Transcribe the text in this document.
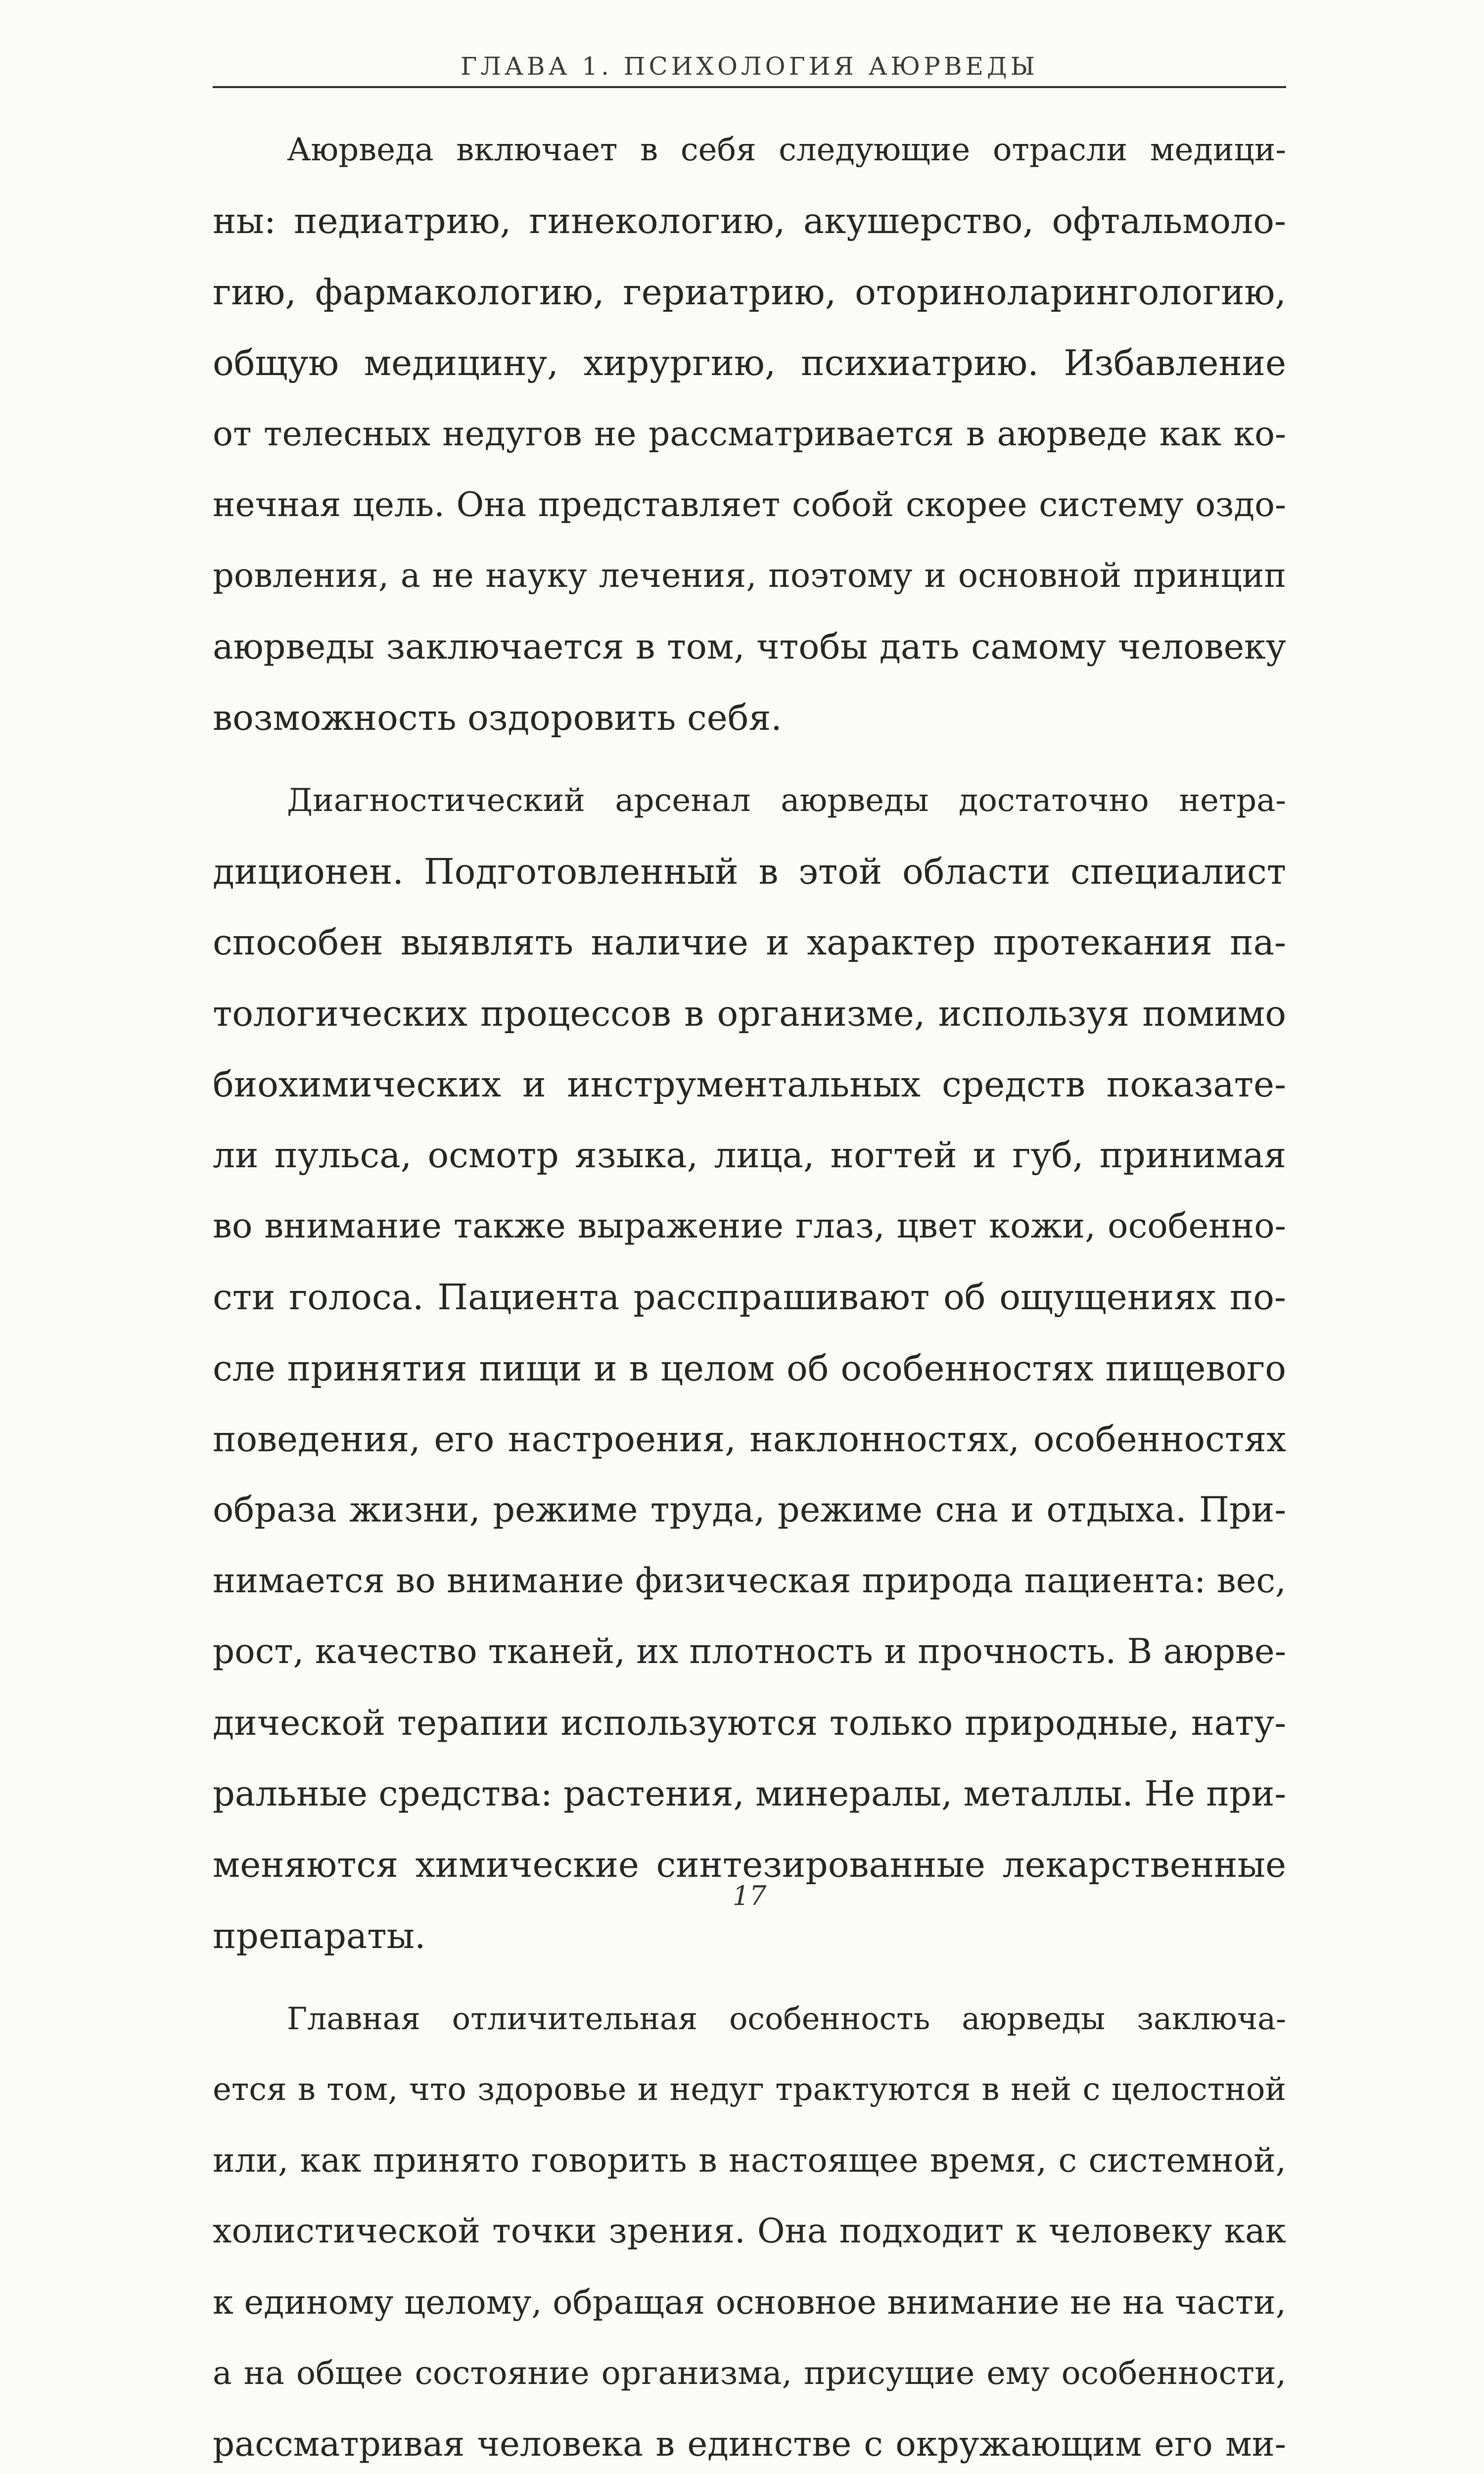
ГЛАВА 1. ПСИХОЛОГИЯ АЮРВЕДЫ
Аюрведа включает в себя следующие отрасли медици-
ны: педиатрию, гинекологию, акушерство, офтальмоло-
гию, фармакологию, гериатрию, оториноларингологию,
общую медицину, хирургию, психиатрию. Избавление
от телесных недугов не рассматривается в аюрведе как ко-
нечная цель. Она представляет собой скорее систему оздо-
ровления, а не науку лечения, поэтому и основной принцип
аюрведы заключается в том, чтобы дать самому человеку
возможность оздоровить себя.
Диагностический арсенал аюрведы достаточно нетра-
диционен. Подготовленный в этой области специалист
способен выявлять наличие и характер протекания па-
тологических процессов в организме, используя помимо
биохимических и инструментальных средств показате-
ли пульса, осмотр языка, лица, ногтей и губ, принимая
во внимание также выражение глаз, цвет кожи, особенно-
сти голоса. Пациента расспрашивают об ощущениях по-
сле принятия пищи и в целом об особенностях пищевого
поведения, его настроения, наклонностях, особенностях
образа жизни, режиме труда, режиме сна и отдыха. При-
нимается во внимание физическая природа пациента: вес,
рост, качество тканей, их плотность и прочность. В аюрве-
дической терапии используются только природные, нату-
ральные средства: растения, минералы, металлы. Не при-
меняются химические синтезированные лекарственные
препараты.
Главная отличительная особенность аюрведы заключа-
ется в том, что здоровье и недуг трактуются в ней с целостной
или, как принято говорить в настоящее время, с системной,
холистической точки зрения. Она подходит к человеку как
к единому целому, обращая основное внимание не на части,
а на общее состояние организма, присущие ему особенности,
рассматривая человека в единстве с окружающим его ми-
17
